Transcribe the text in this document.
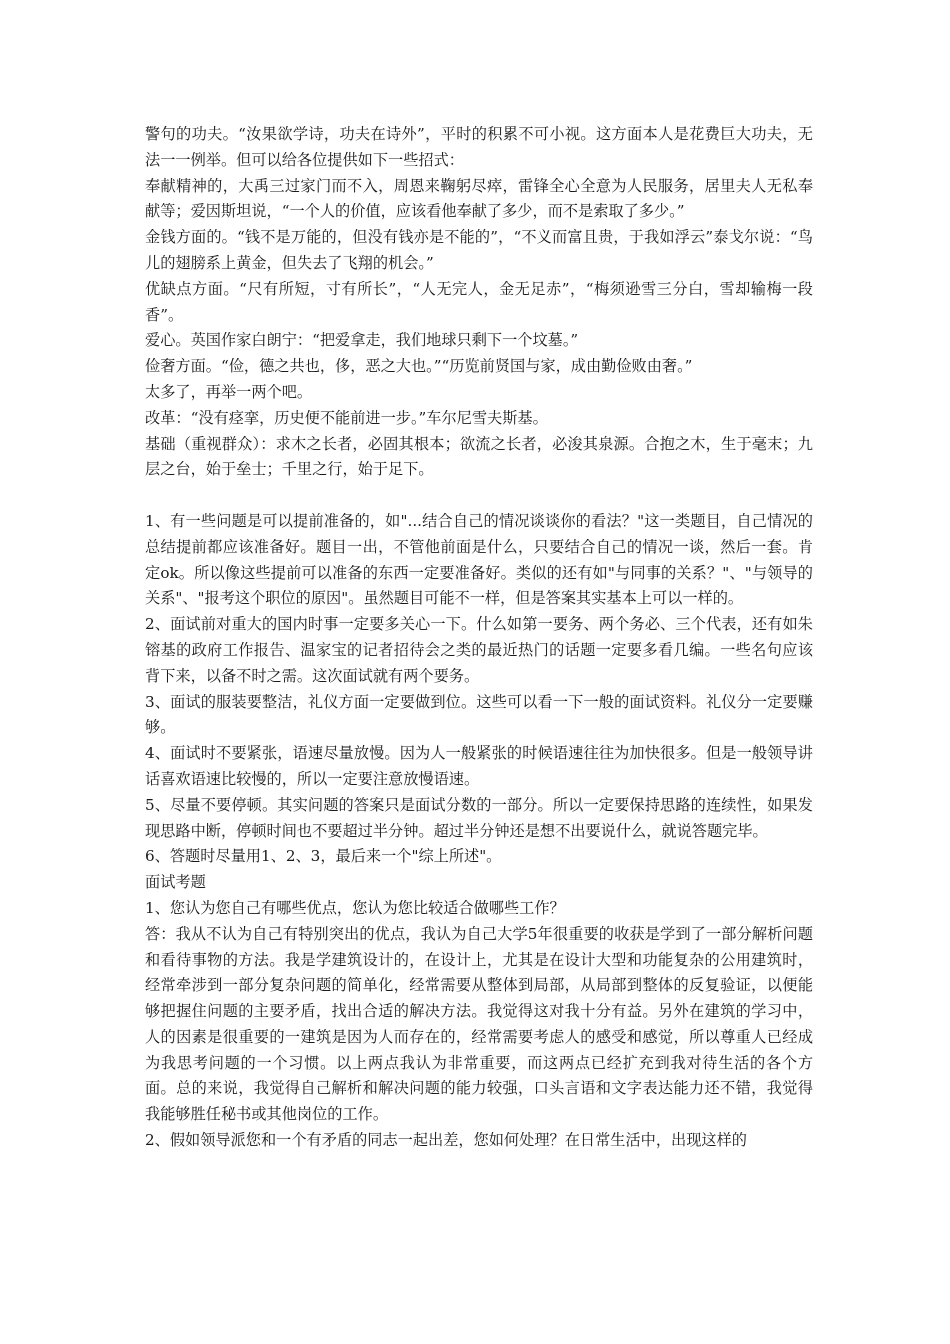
警句的功夫。“汝果欲学诗，功夫在诗外”，平时的积累不可小视。这方面本人是花费巨大功夫，无法一一例举。但可以给各位提供如下一些招式：

奉献精神的，大禹三过家门而不入，周恩来鞠躬尽瘁，雷锋全心全意为人民服务，居里夫人无私奉献等；爱因斯坦说，“一个人的价值，应该看他奉献了多少，而不是索取了多少。”

金钱方面的。“钱不是万能的，但没有钱亦是不能的”，“不义而富且贵，于我如浮云”泰戈尔说：“鸟儿的翅膀系上黄金，但失去了飞翔的机会。”

优缺点方面。“尺有所短，寸有所长”，“人无完人，金无足赤”，“梅须逊雪三分白，雪却输梅一段香”。

爱心。英国作家白朗宁：“把爱拿走，我们地球只剩下一个坟墓。”

俭奢方面。“俭，德之共也，侈，恶之大也。”“历览前贤国与家，成由勤俭败由奢。”

太多了，再举一两个吧。

改革：“没有痉挛，历史便不能前进一步。”车尔尼雪夫斯基。

基础（重视群众）：求木之长者，必固其根本；欲流之长者，必浚其泉源。合抱之木，生于毫末；九层之台，始于垒士；千里之行，始于足下。

1、有一些问题是可以提前准备的，如"...结合自己的情况谈谈你的看法？"这一类题目，自己情况的总结提前都应该准备好。题目一出，不管他前面是什么，只要结合自己的情况一谈，然后一套。肯定ok。所以像这些提前可以准备的东西一定要准备好。类似的还有如"与同事的关系？"、"与领导的关系"、"报考这个职位的原因"。虽然题目可能不一样，但是答案其实基本上可以一样的。

2、面试前对重大的国内时事一定要多关心一下。什么如第一要务、两个务必、三个代表，还有如朱镕基的政府工作报告、温家宝的记者招待会之类的最近热门的话题一定要多看几编。一些名句应该背下来，以备不时之需。这次面试就有两个要务。

3、面试的服装要整洁，礼仪方面一定要做到位。这些可以看一下一般的面试资料。礼仪分一定要赚够。

4、面试时不要紧张，语速尽量放慢。因为人一般紧张的时候语速往往为加快很多。但是一般领导讲话喜欢语速比较慢的，所以一定要注意放慢语速。

5、尽量不要停顿。其实问题的答案只是面试分数的一部分。所以一定要保持思路的连续性，如果发现思路中断，停顿时间也不要超过半分钟。超过半分钟还是想不出要说什么，就说答题完毕。

6、答题时尽量用1、2、3，最后来一个"综上所述"。

面试考题

1、您认为您自己有哪些优点，您认为您比较适合做哪些工作？

答：我从不认为自己有特别突出的优点，我认为自己大学5年很重要的收获是学到了一部分解析问题和看待事物的方法。我是学建筑设计的，在设计上，尤其是在设计大型和功能复杂的公用建筑时，经常牵涉到一部分复杂问题的简单化，经常需要从整体到局部，从局部到整体的反复验证，以便能够把握住问题的主要矛盾，找出合适的解决方法。我觉得这对我十分有益。另外在建筑的学习中，人的因素是很重要的一建筑是因为人而存在的，经常需要考虑人的感受和感觉，所以尊重人已经成为我思考问题的一个习惯。以上两点我认为非常重要，而这两点已经扩充到我对待生活的各个方面。总的来说，我觉得自己解析和解决问题的能力较强，口头言语和文字表达能力还不错，我觉得我能够胜任秘书或其他岗位的工作。

2、假如领导派您和一个有矛盾的同志一起出差，您如何处理？在日常生活中，出现这样的
